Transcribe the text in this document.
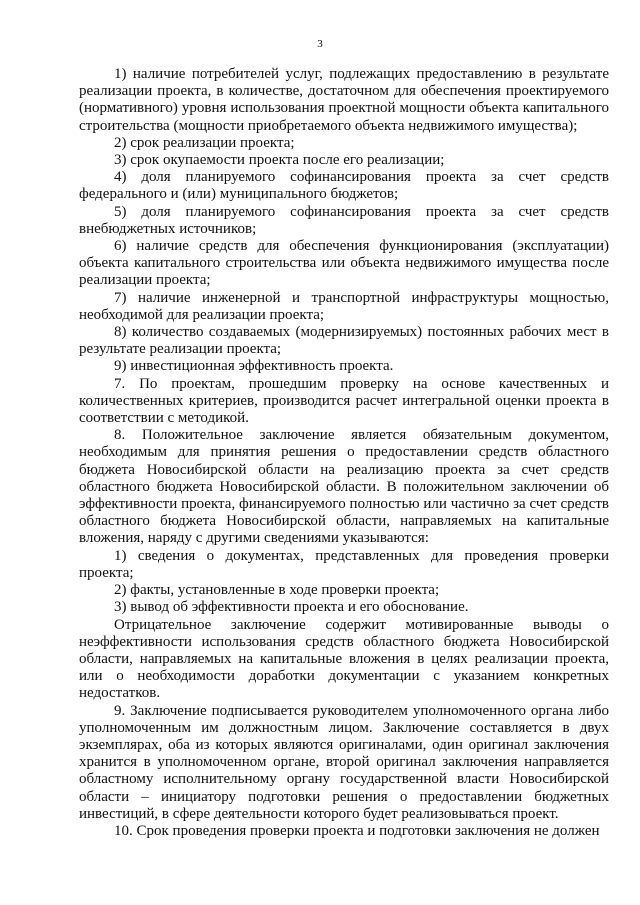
3

1) наличие потребителей услуг, подлежащих предоставлению в результате реализации проекта, в количестве, достаточном для обеспечения проектируемого (нормативного) уровня использования проектной мощности объекта капитального строительства (мощности приобретаемого объекта недвижимого имущества);

2) срок реализации проекта;

3) срок окупаемости проекта после его реализации;

4) доля планируемого софинансирования проекта за счет средств федерального и (или) муниципального бюджетов;

5) доля планируемого софинансирования проекта за счет средств внебюджетных источников;

6) наличие средств для обеспечения функционирования (эксплуатации) объекта капитального строительства или объекта недвижимого имущества после реализации проекта;

7) наличие инженерной и транспортной инфраструктуры мощностью, необходимой для реализации проекта;

8) количество создаваемых (модернизируемых) постоянных рабочих мест в результате реализации проекта;

9) инвестиционная эффективность проекта.

7. По проектам, прошедшим проверку на основе качественных и количественных критериев, производится расчет интегральной оценки проекта в соответствии с методикой.

8. Положительное заключение является обязательным документом, необходимым для принятия решения о предоставлении средств областного бюджета Новосибирской области на реализацию проекта за счет средств областного бюджета Новосибирской области. В положительном заключении об эффективности проекта, финансируемого полностью или частично за счет средств областного бюджета Новосибирской области, направляемых на капитальные вложения, наряду с другими сведениями указываются:

1) сведения о документах, представленных для проведения проверки проекта;

2) факты, установленные в ходе проверки проекта;

3) вывод об эффективности проекта и его обоснование.

Отрицательное заключение содержит мотивированные выводы о неэффективности использования средств областного бюджета Новосибирской области, направляемых на капитальные вложения в целях реализации проекта, или о необходимости доработки документации с указанием конкретных недостатков.

9. Заключение подписывается руководителем уполномоченного органа либо уполномоченным им должностным лицом. Заключение составляется в двух экземплярах, оба из которых являются оригиналами, один оригинал заключения хранится в уполномоченном органе, второй оригинал заключения направляется областному исполнительному органу государственной власти Новосибирской области – инициатору подготовки решения о предоставлении бюджетных инвестиций, в сфере деятельности которого будет реализовываться проект.

10. Срок проведения проверки проекта и подготовки заключения не должен
